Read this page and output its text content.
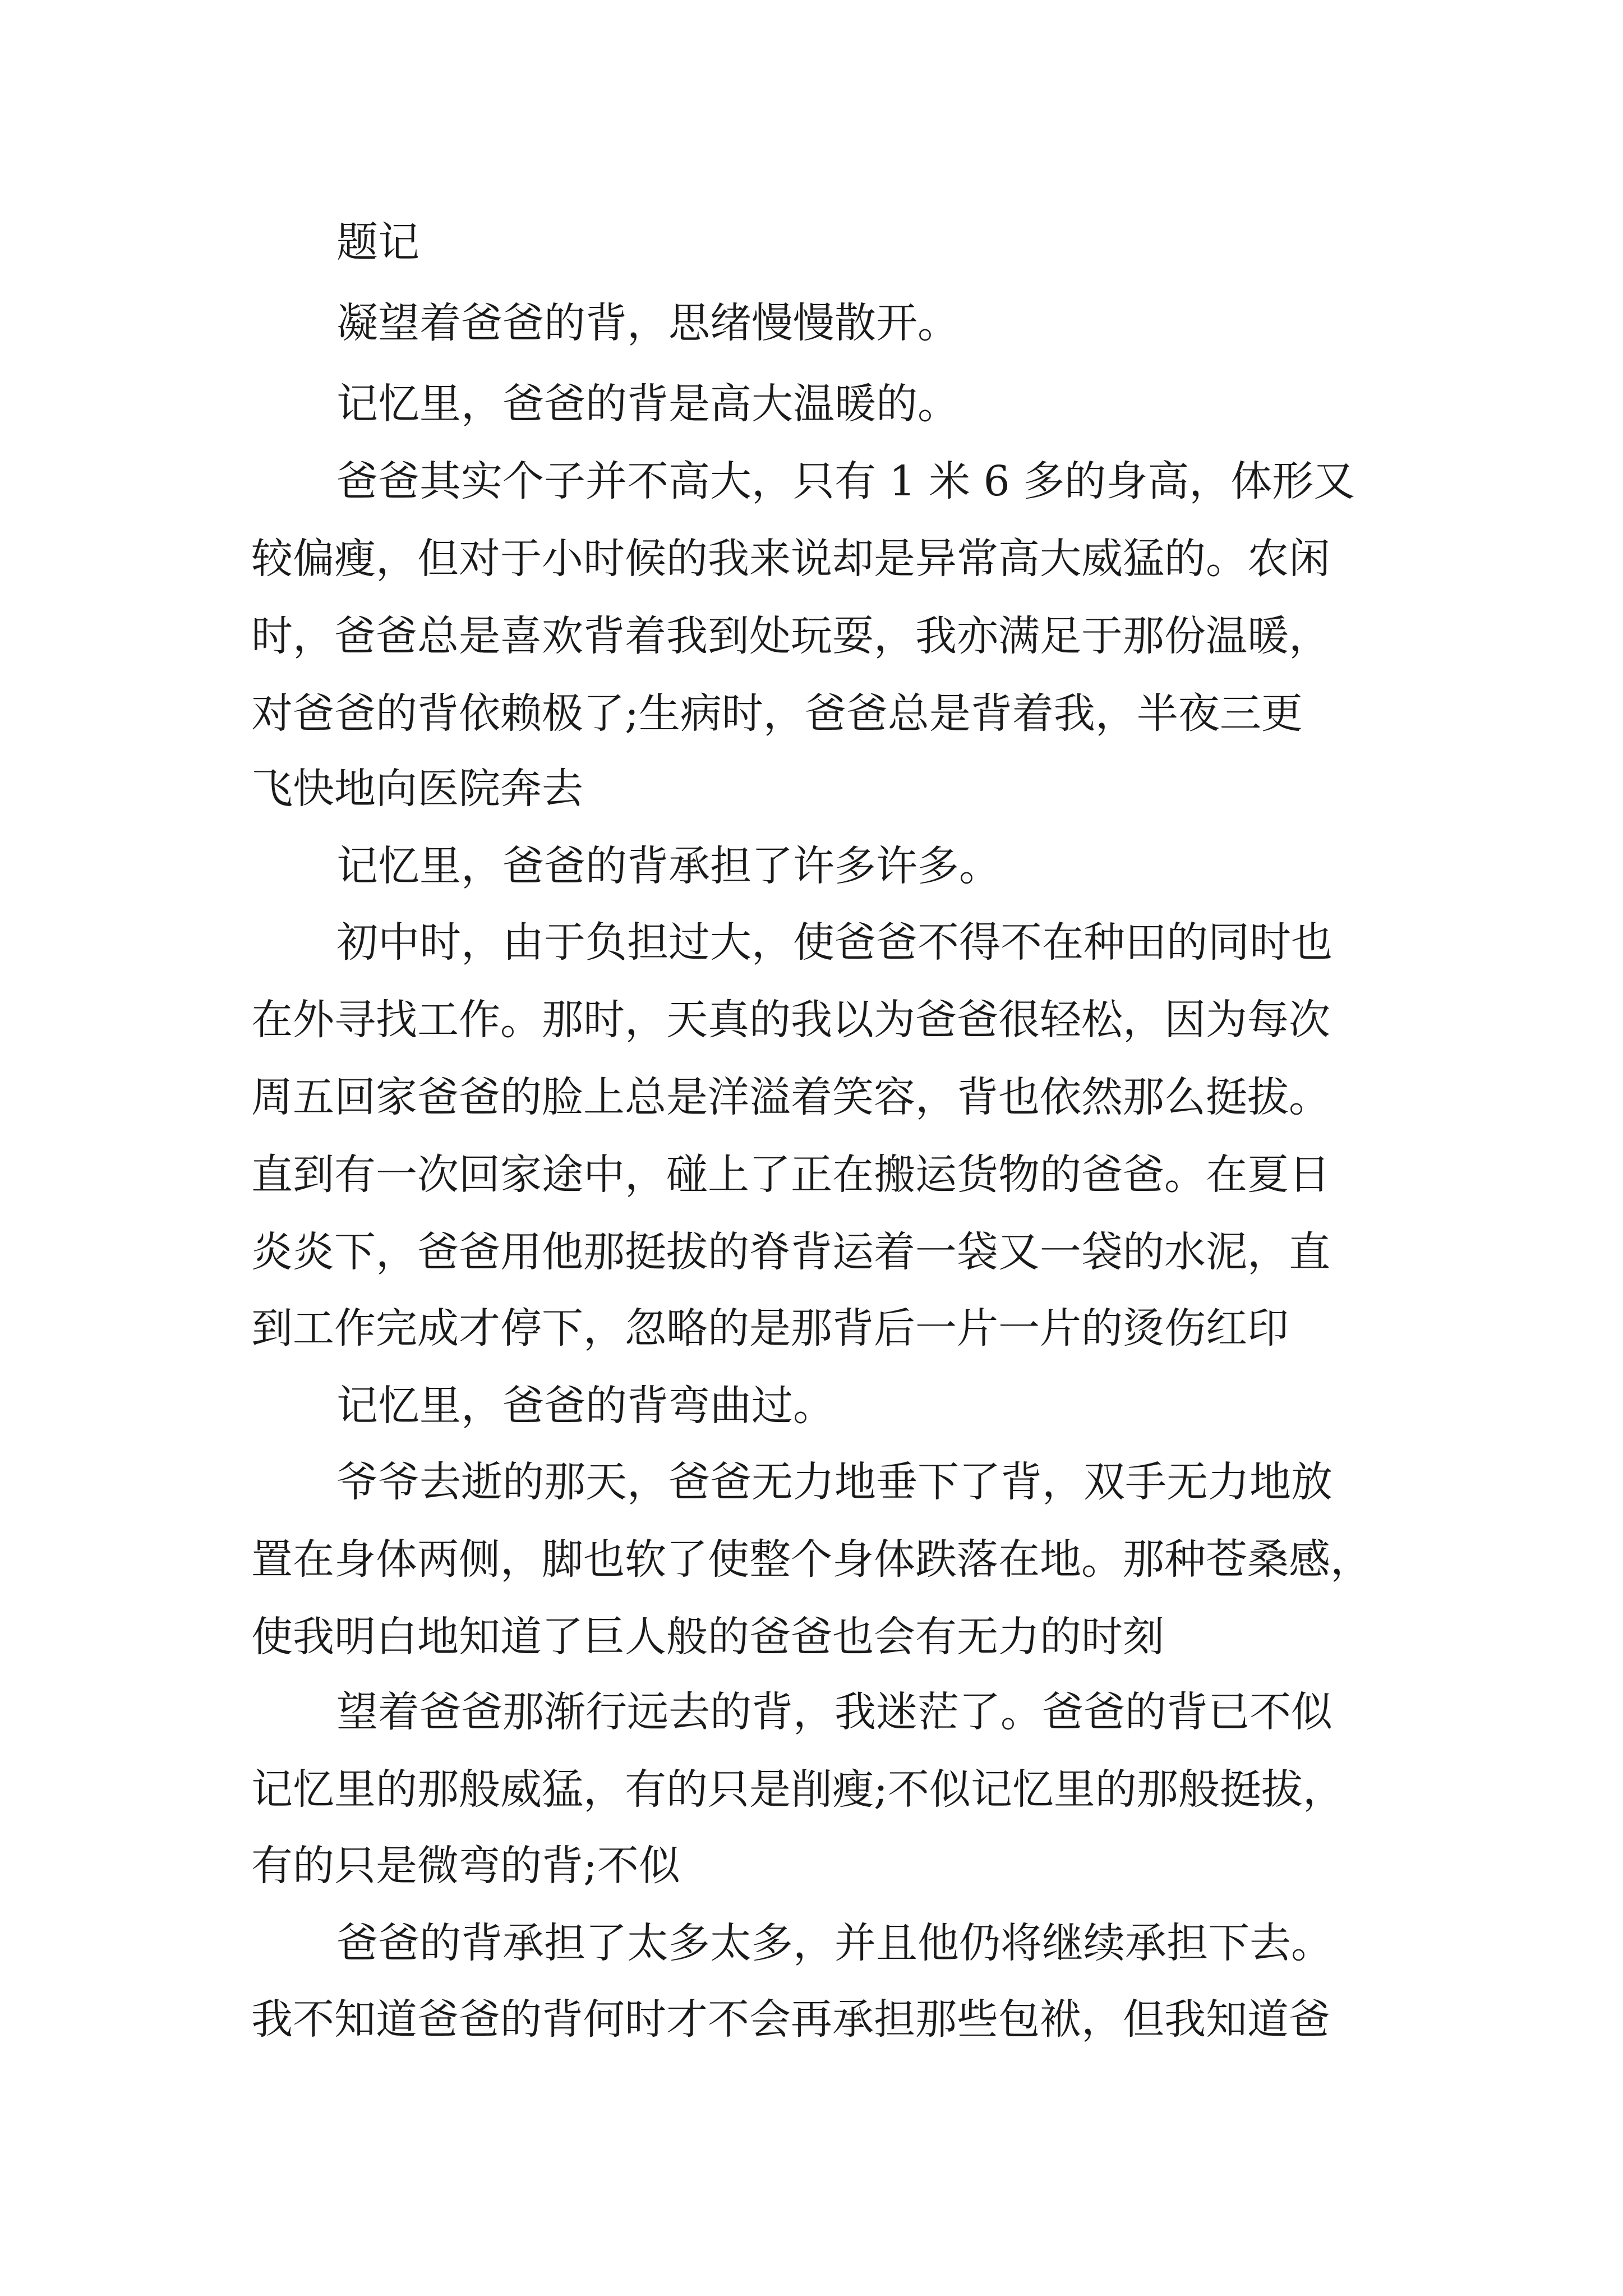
题记
凝望着爸爸的背，思绪慢慢散开。
记忆里，爸爸的背是高大温暖的。
爸爸其实个子并不高大，只有 1 米 6 多的身高，体形又
较偏瘦，但对于小时候的我来说却是异常高大威猛的。农闲
时，爸爸总是喜欢背着我到处玩耍，我亦满足于那份温暖，
对爸爸的背依赖极了;生病时，爸爸总是背着我，半夜三更
飞快地向医院奔去
记忆里，爸爸的背承担了许多许多。
初中时，由于负担过大，使爸爸不得不在种田的同时也
在外寻找工作。那时，天真的我以为爸爸很轻松，因为每次
周五回家爸爸的脸上总是洋溢着笑容，背也依然那么挺拔。
直到有一次回家途中，碰上了正在搬运货物的爸爸。在夏日
炎炎下，爸爸用他那挺拔的脊背运着一袋又一袋的水泥，直
到工作完成才停下，忽略的是那背后一片一片的烫伤红印
记忆里，爸爸的背弯曲过。
爷爷去逝的那天，爸爸无力地垂下了背，双手无力地放
置在身体两侧，脚也软了使整个身体跌落在地。那种苍桑感，
使我明白地知道了巨人般的爸爸也会有无力的时刻
望着爸爸那渐行远去的背，我迷茫了。爸爸的背已不似
记忆里的那般威猛，有的只是削瘦;不似记忆里的那般挺拔，
有的只是微弯的背;不似
爸爸的背承担了太多太多，并且他仍将继续承担下去。
我不知道爸爸的背何时才不会再承担那些包袱，但我知道爸
